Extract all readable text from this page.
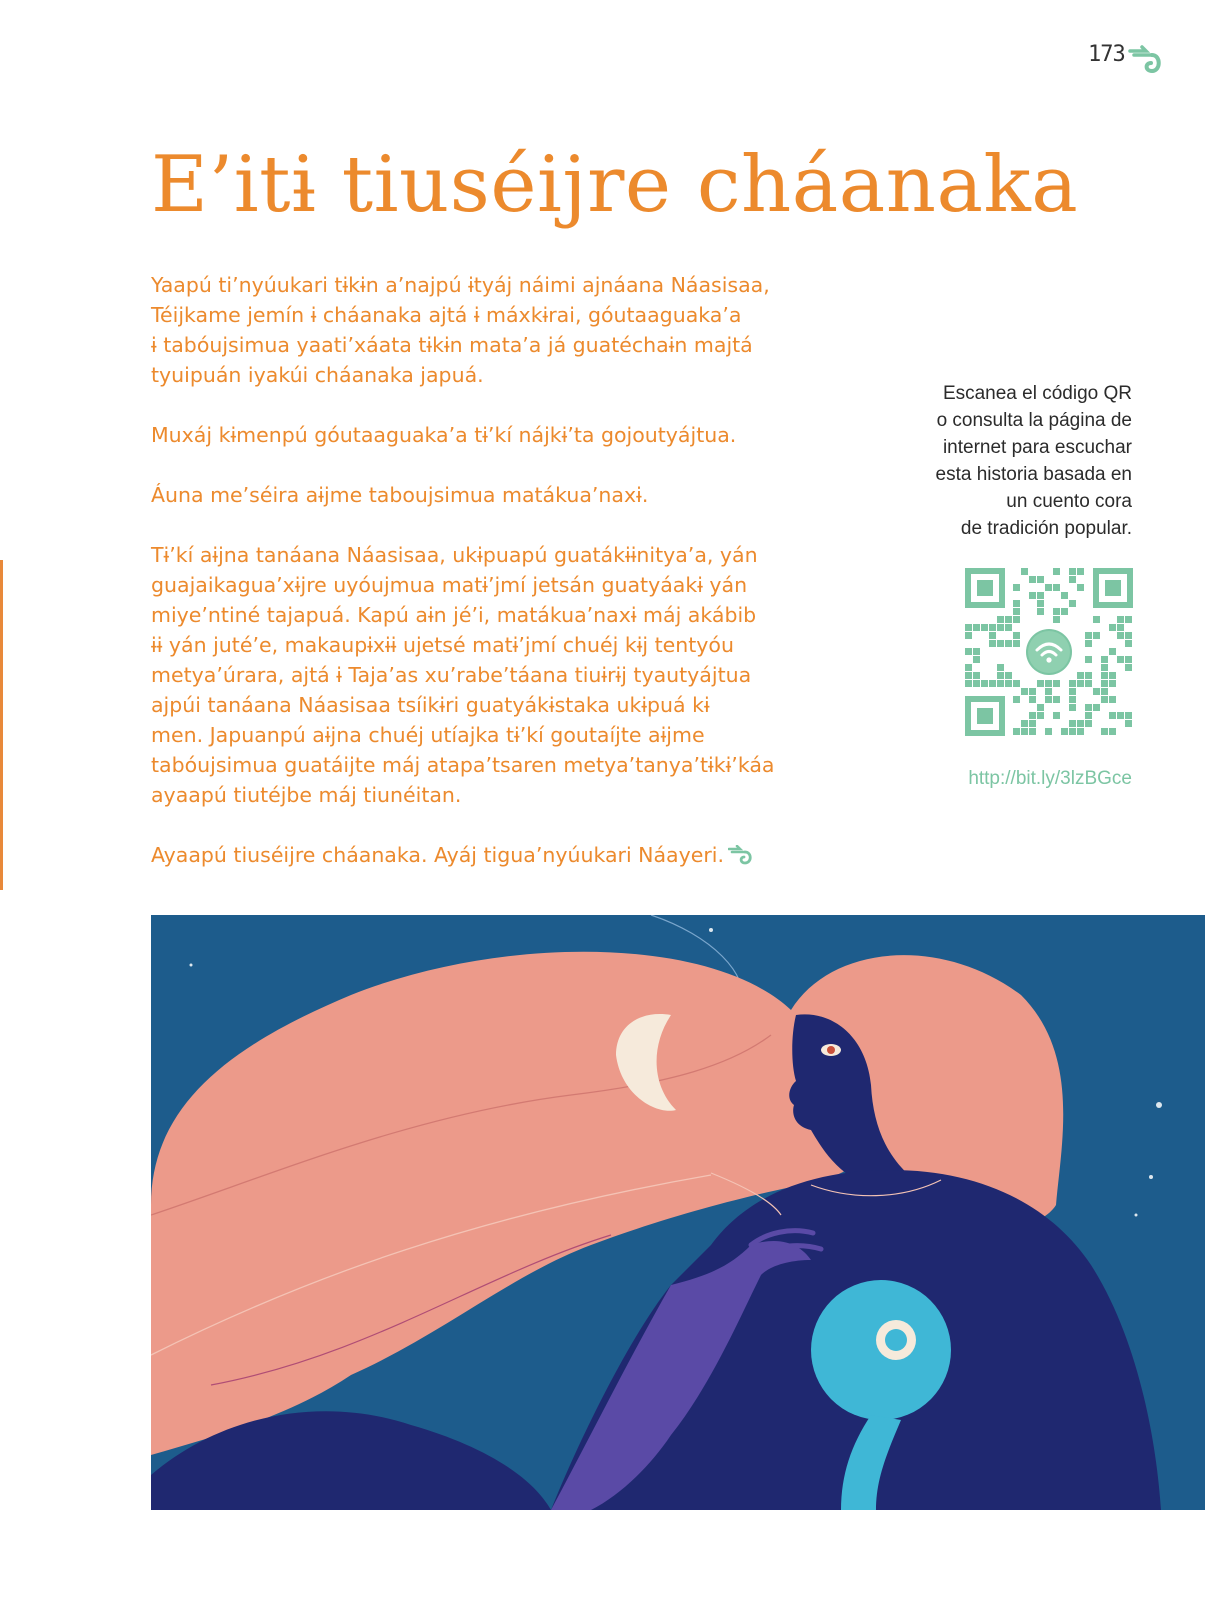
173
E’itɨ tiuséijre cháanaka

Yaapú ti’nyúukari tɨkɨn a’najpú ɨtyáj náimi ajnáana Náasisaa,
Téijkame jemín ɨ cháanaka ajtá ɨ máxkɨrai, góutaaguaka’a
ɨ tabóujsimua yaati’xáata tɨkɨn mata’a já guatéchaɨn majtá
tyuipuán iyakúi cháanaka japuá.

Muxáj kɨmenpú góutaaguaka’a tɨ’kí nájkɨ’ta gojoutyájtua.

Áuna me’séira aɨjme taboujsimua matákua’naxɨ.

Tɨ’kí aɨjna tanáana Náasisaa, ukɨpuapú guatákɨɨnitya’a, yán
guajaikagua’xɨjre uyóujmua matɨ’jmí jetsán guatyáakɨ yán
miye’ntiné tajapuá. Kapú aɨn jé’i, matákua’naxɨ máj akábib
ɨɨ yán juté’e, makaupɨxɨɨ ujetsé matɨ’jmí chuéj kɨj tentyóu
metya’úrara, ajtá ɨ Taja’as xu’rabe’táana tiuɨrɨj tyautyájtua
ajpúi tanáana Náasisaa tsíikɨri guatyákɨstaka ukɨpuá kɨ
men. Japuanpú aɨjna chuéj utíajka tɨ’kí goutaíjte aɨjme
tabóujsimua guatáijte máj atapa’tsaren metya’tanya’tɨkɨ’káa
ayaapú tiutéjbe máj tiunéitan.

Ayaapú tiuséijre cháanaka. Ayáj tigua’nyúukari Náayeri.

Escanea el código QR
o consulta la página de
internet para escuchar
esta historia basada en
un cuento cora
de tradición popular.
http://bit.ly/3lzBGce
